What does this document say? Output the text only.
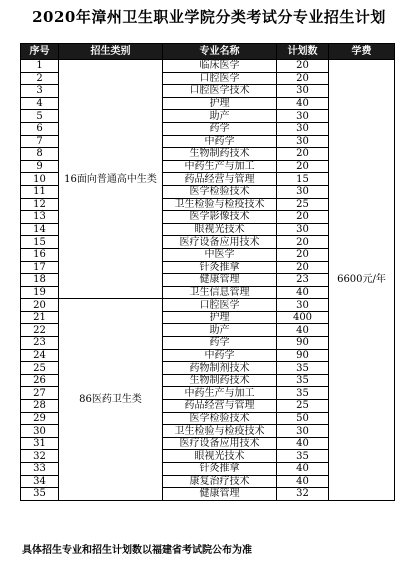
2020年漳州卫生职业学院分类考试分专业招生计划
序号	招生类别	专业名称	计划数	学费
1	16面向普通高中生类	临床医学	20	6600元/年
2		口腔医学	20	
3		口腔医学技术	30	
4		护理	40	
5		助产	30	
6		药学	30	
7		中药学	30	
8		生物制药技术	20	
9		中药生产与加工	20	
10		药品经营与管理	15	
11		医学检验技术	30	
12		卫生检验与检疫技术	25	
13		医学影像技术	20	
14		眼视光技术	30	
15		医疗设备应用技术	20	
16		中医学	20	
17		针灸推拿	20	
18		健康管理	23	
19		卫生信息管理	40	
20	86医药卫生类	口腔医学	30	
21		护理	400	
22		助产	40	
23		药学	90	
24		中药学	90	
25		药物制剂技术	35	
26		生物制药技术	35	
27		中药生产与加工	35	
28		药品经营与管理	25	
29		医学检验技术	50	
30		卫生检验与检疫技术	30	
31		医疗设备应用技术	40	
32		眼视光技术	35	
33		针灸推拿	40	
34		康复治疗技术	40	
35		健康管理	32	
具体招生专业和招生计划数以福建省考试院公布为准
